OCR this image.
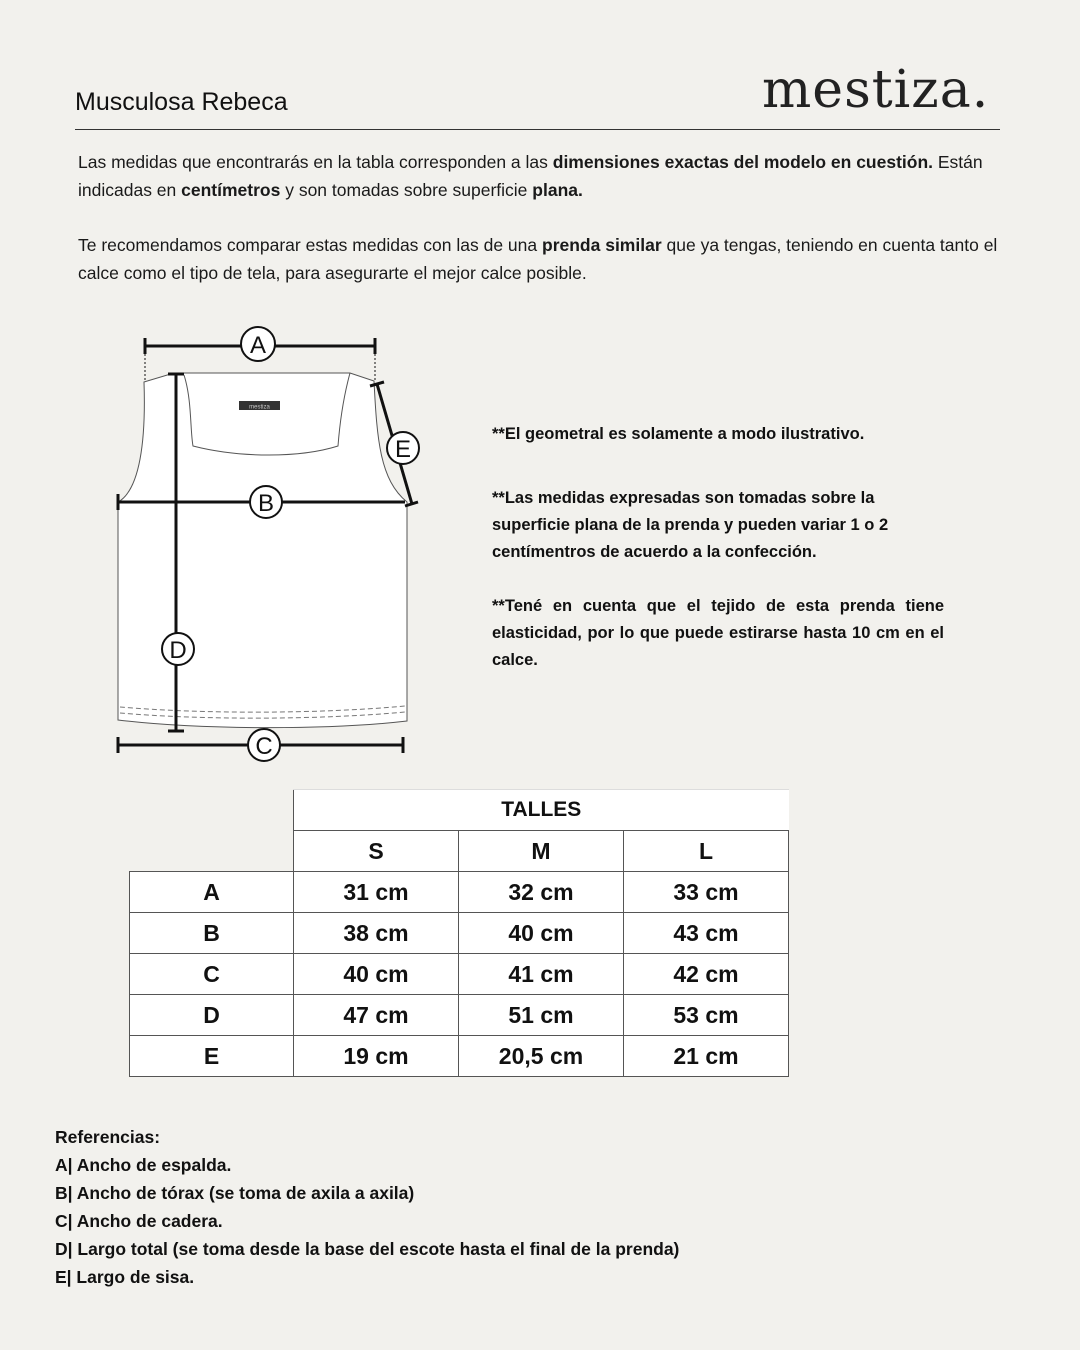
Musculosa Rebeca	mestiza.
Las medidas que encontrarás en la tabla corresponden a las dimensiones exactas del modelo en cuestión. Están indicadas en centímetros y son tomadas sobre superficie plana.
Te recomendamos comparar estas medidas con las de una prenda similar que ya tengas, teniendo en cuenta tanto el calce como el tipo de tela, para asegurarte el mejor calce posible.
mestiza
A
B
C
D
E
**El geometral es solamente a modo ilustrativo.
**Las medidas expresadas son tomadas sobre la superficie plana de la prenda y pueden variar 1 o 2 centímentros de acuerdo a la confección.
**Tené en cuenta que el tejido de esta prenda tiene elasticidad, por lo que puede estirarse hasta 10 cm en el calce.
	TALLES		
	S	M	L
A	31 cm	32 cm	33 cm
B	38 cm	40 cm	43 cm
C	40 cm	41 cm	42 cm
D	47 cm	51 cm	53 cm
E	19 cm	20,5 cm	21 cm
Referencias:
A| Ancho de espalda.
B| Ancho de tórax (se toma de axila a axila)
C| Ancho de cadera.
D| Largo total (se toma desde la base del escote hasta el final de la prenda)
E| Largo de sisa.
